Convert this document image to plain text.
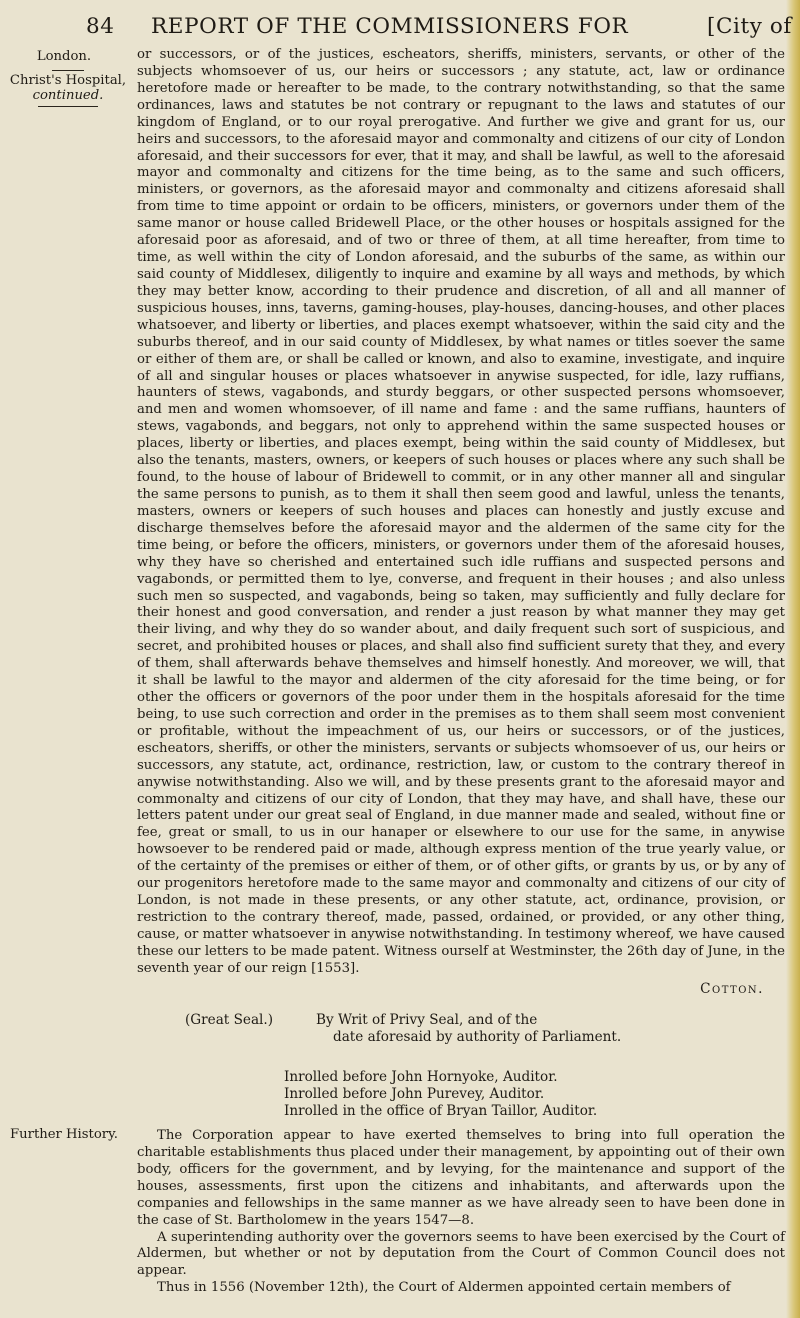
84 REPORT OF THE COMMISSIONERS FOR	[City of
London.
Christ's Hospital,
continued.

or successors, or of the justices, escheators, sheriffs, ministers, servants, or other of the subjects whomsoever of us, our heirs or successors ; any statute, act, law or ordinance heretofore made or hereafter to be made, to the contrary notwithstanding, so that the same ordinances, laws and statutes be not contrary or repugnant to the laws and statutes of our kingdom of England, or to our royal prerogative. And further we give and grant for us, our heirs and successors, to the aforesaid mayor and commonalty and citizens of our city of London aforesaid, and their successors for ever, that it may, and shall be lawful, as well to the aforesaid mayor and commonalty and citizens for the time being, as to the same and such officers, ministers, or governors, as the aforesaid mayor and commonalty and citizens aforesaid shall from time to time appoint or ordain to be officers, ministers, or governors under them of the same manor or house called Bridewell Place, or the other houses or hospitals assigned for the aforesaid poor as aforesaid, and of two or three of them, at all time hereafter, from time to time, as well within the city of London aforesaid, and the suburbs of the same, as within our said county of Middlesex, diligently to inquire and examine by all ways and methods, by which they may better know, according to their prudence and discretion, of all and all manner of suspicious houses, inns, taverns, gaming-houses, play-houses, dancing-houses, and other places whatsoever, and liberty or liberties, and places exempt whatsoever, within the said city and the suburbs thereof, and in our said county of Middlesex, by what names or titles soever the same or either of them are, or shall be called or known, and also to examine, investigate, and inquire of all and singular houses or places whatsoever in anywise suspected, for idle, lazy ruffians, haunters of stews, vagabonds, and sturdy beggars, or other suspected persons whomsoever, and men and women whomsoever, of ill name and fame : and the same ruffians, haunters of stews, vagabonds, and beggars, not only to apprehend within the same suspected houses or places, liberty or liberties, and places exempt, being within the said county of Middlesex, but also the tenants, masters, owners, or keepers of such houses or places where any such shall be found, to the house of labour of Bridewell to commit, or in any other manner all and singular the same persons to punish, as to them it shall then seem good and lawful, unless the tenants, masters, owners or keepers of such houses and places can honestly and justly excuse and discharge themselves before the aforesaid mayor and the aldermen of the same city for the time being, or before the officers, ministers, or governors under them of the aforesaid houses, why they have so cherished and entertained such idle ruffians and suspected persons and vagabonds, or permitted them to lye, converse, and frequent in their houses ; and also unless such men so suspected, and vagabonds, being so taken, may sufficiently and fully declare for their honest and good conversation, and render a just reason by what manner they may get their living, and why they do so wander about, and daily frequent such sort of suspicious, and secret, and prohibited houses or places, and shall also find sufficient surety that they, and every of them, shall afterwards behave themselves and himself honestly. And moreover, we will, that it shall be lawful to the mayor and aldermen of the city aforesaid for the time being, or for other the officers or governors of the poor under them in the hospitals aforesaid for the time being, to use such correction and order in the premises as to them shall seem most convenient or profitable, without the impeachment of us, our heirs or successors, or of the justices, escheators, sheriffs, or other the ministers, servants or subjects whomsoever of us, our heirs or successors, any statute, act, ordinance, restriction, law, or custom to the contrary thereof in anywise notwithstanding. Also we will, and by these presents grant to the aforesaid mayor and commonalty and citizens of our city of London, that they may have, and shall have, these our letters patent under our great seal of England, in due manner made and sealed, without fine or fee, great or small, to us in our hanaper or elsewhere to our use for the same, in anywise howsoever to be rendered paid or made, although express mention of the true yearly value, or of the certainty of the premises or either of them, or of other gifts, or grants by us, or by any of our progenitors heretofore made to the same mayor and commonalty and citizens of our city of London, is not made in these presents, or any other statute, act, ordinance, provision, or restriction to the contrary thereof, made, passed, ordained, or provided, or any other thing, cause, or matter whatsoever in anywise notwithstanding. In testimony whereof, we have caused these our letters to be made patent. Witness ourself at Westminster, the 26th day of June, in the seventh year of our reign [1553].

Cotton.
(Great Seal.)	By Writ of Privy Seal, and of the
date aforesaid by authority of Parliament.
Inrolled before John Hornyoke, Auditor.
Inrolled before John Purevey, Auditor.
Inrolled in the office of Bryan Taillor, Auditor.
Further History.	The Corporation appear to have exerted themselves to bring into full operation the charitable establishments thus placed under their management, by appointing out of their own body, officers for the government, and by levying, for the maintenance and support of the houses, assessments, first upon the citizens and inhabitants, and afterwards upon the companies and fellowships in the same manner as we have already seen to have been done in the case of St. Bartholomew in the years 1547—8.

A superintending authority over the governors seems to have been exercised by the Court of Aldermen, but whether or not by deputation from the Court of Common Council does not appear.

Thus in 1556 (November 12th), the Court of Aldermen appointed certain members of
